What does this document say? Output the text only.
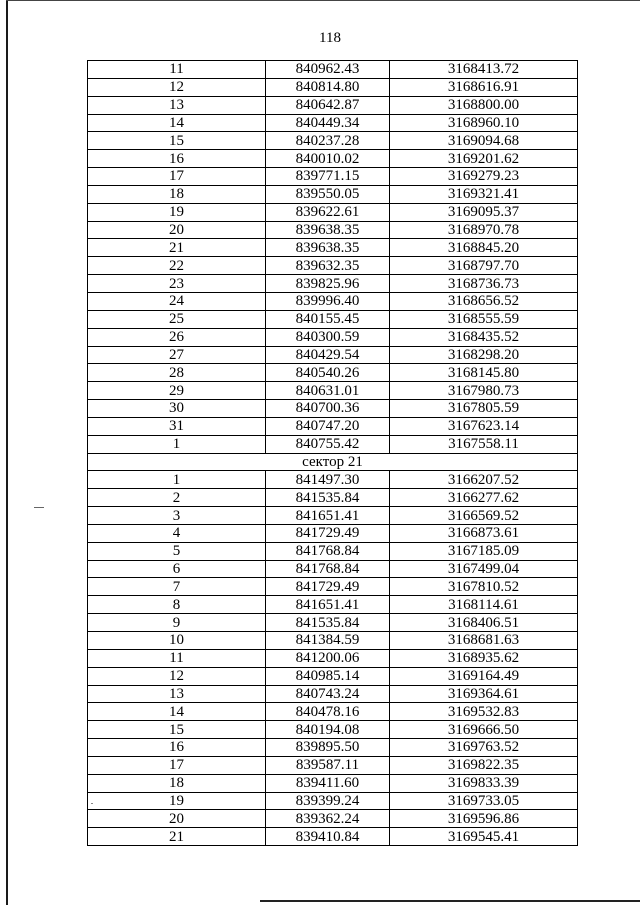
118
11	840962.43	3168413.72
12	840814.80	3168616.91
13	840642.87	3168800.00
14	840449.34	3168960.10
15	840237.28	3169094.68
16	840010.02	3169201.62
17	839771.15	3169279.23
18	839550.05	3169321.41
19	839622.61	3169095.37
20	839638.35	3168970.78
21	839638.35	3168845.20
22	839632.35	3168797.70
23	839825.96	3168736.73
24	839996.40	3168656.52
25	840155.45	3168555.59
26	840300.59	3168435.52
27	840429.54	3168298.20
28	840540.26	3168145.80
29	840631.01	3167980.73
30	840700.36	3167805.59
31	840747.20	3167623.14
1	840755.42	3167558.11
сектор 21		
1	841497.30	3166207.52
2	841535.84	3166277.62
3	841651.41	3166569.52
4	841729.49	3166873.61
5	841768.84	3167185.09
6	841768.84	3167499.04
7	841729.49	3167810.52
8	841651.41	3168114.61
9	841535.84	3168406.51
10	841384.59	3168681.63
11	841200.06	3168935.62
12	840985.14	3169164.49
13	840743.24	3169364.61
14	840478.16	3169532.83
15	840194.08	3169666.50
16	839895.50	3169763.52
17	839587.11	3169822.35
18	839411.60	3169833.39
19	839399.24	3169733.05
20	839362.24	3169596.86
21	839410.84	3169545.41
